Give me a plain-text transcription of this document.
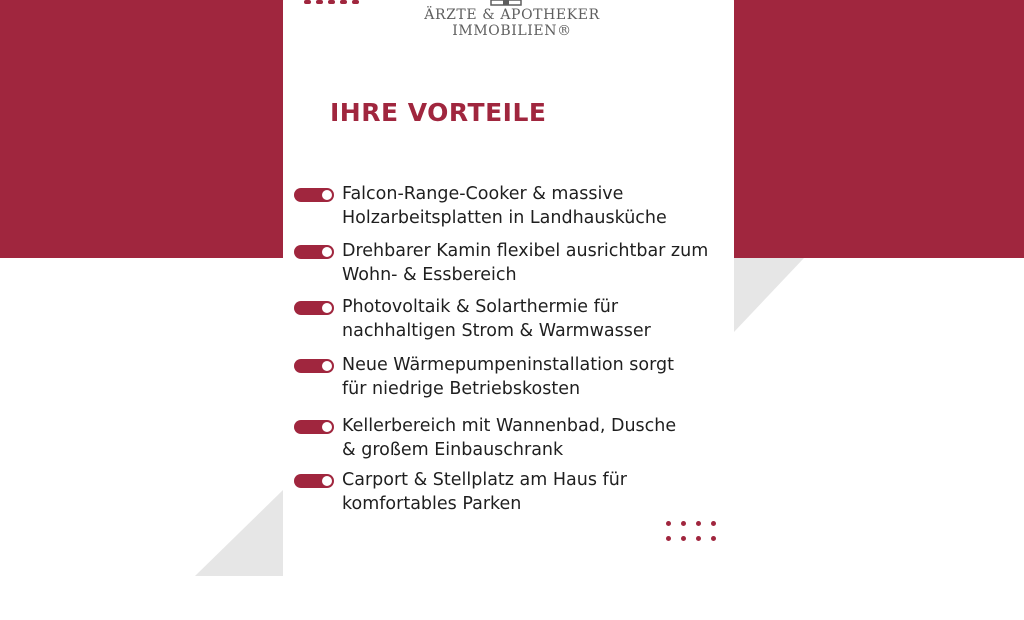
ÄRZTE & APOTHEKER
IMMOBILIEN®
IHRE VORTEILE
Falcon-Range-Cooker & massive
Holzarbeitsplatten in Landhausküche
Drehbarer Kamin flexibel ausrichtbar zum
Wohn- & Essbereich
Photovoltaik & Solarthermie für
nachhaltigen Strom & Warmwasser
Neue Wärmepumpeninstallation sorgt
für niedrige Betriebskosten
Kellerbereich mit Wannenbad, Dusche
& großem Einbauschrank
Carport & Stellplatz am Haus für
komfortables Parken
